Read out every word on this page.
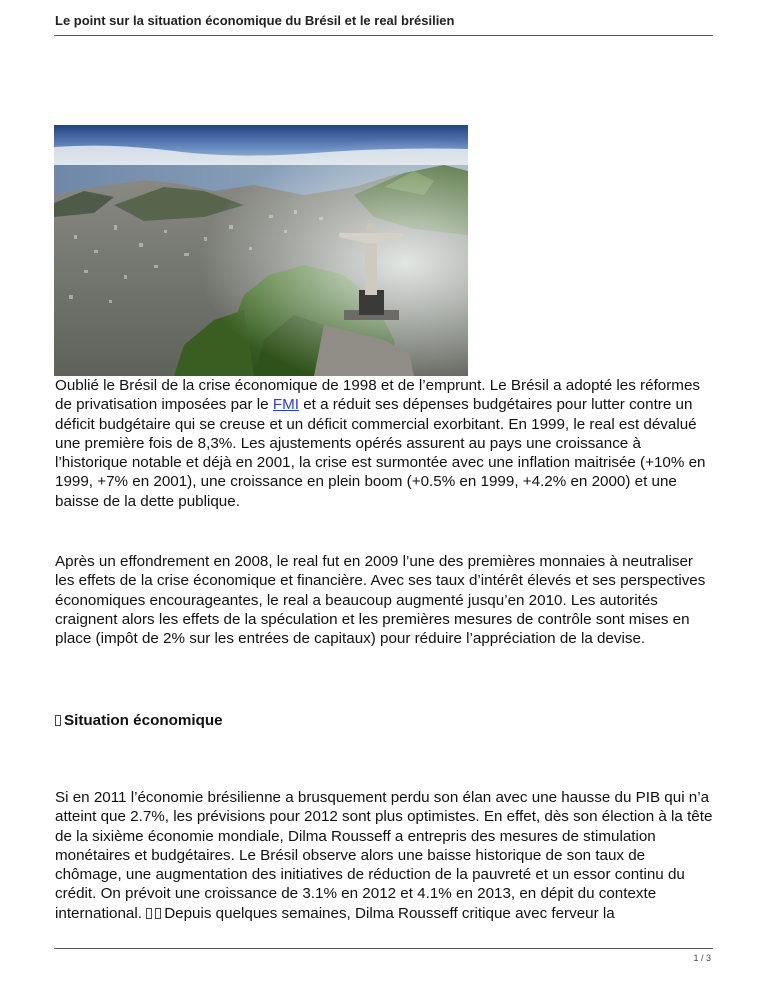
Le point sur la situation économique du Brésil et le real brésilien
Oublié le Brésil de la crise économique de 1998 et de l’emprunt. Le Brésil a adopté les réformes de privatisation imposées par le FMI et a réduit ses dépenses budgétaires pour lutter contre un déficit budgétaire qui se creuse et un déficit commercial exorbitant. En 1999, le real est dévalué une première fois de 8,3%. Les ajustements opérés assurent au pays une croissance à l’historique notable et déjà en 2001, la crise est surmontée avec une inflation maitrisée (+10% en 1999, +7% en 2001), une croissance en plein boom (+0.5% en 1999, +4.2% en 2000) et une baisse de la dette publique.
Après un effondrement en 2008, le real fut en 2009 l’une des premières monnaies à neutraliser les effets de la crise économique et financière. Avec ses taux d’intérêt élevés et ses perspectives économiques encourageantes, le real a beaucoup augmenté jusqu’en 2010. Les autorités craignent alors les effets de la spéculation et les premières mesures de contrôle sont mises en place (impôt de 2% sur les entrées de capitaux) pour réduire l’appréciation de la devise.
Situation économique
Si en 2011 l’économie brésilienne a brusquement perdu son élan avec une hausse du PIB qui n’a atteint que 2.7%, les prévisions pour 2012 sont plus optimistes. En effet, dès son élection à la tête de la sixième économie mondiale, Dilma Rousseff a entrepris des mesures de stimulation monétaires et budgétaires. Le Brésil observe alors une baisse historique de son taux de chômage, une augmentation des initiatives de réduction de la pauvreté et un essor continu du crédit. On prévoit une croissance de 3.1% en 2012 et 4.1% en 2013, en dépit du contexte international. Depuis quelques semaines, Dilma Rousseff critique avec ferveur la
1 / 3
